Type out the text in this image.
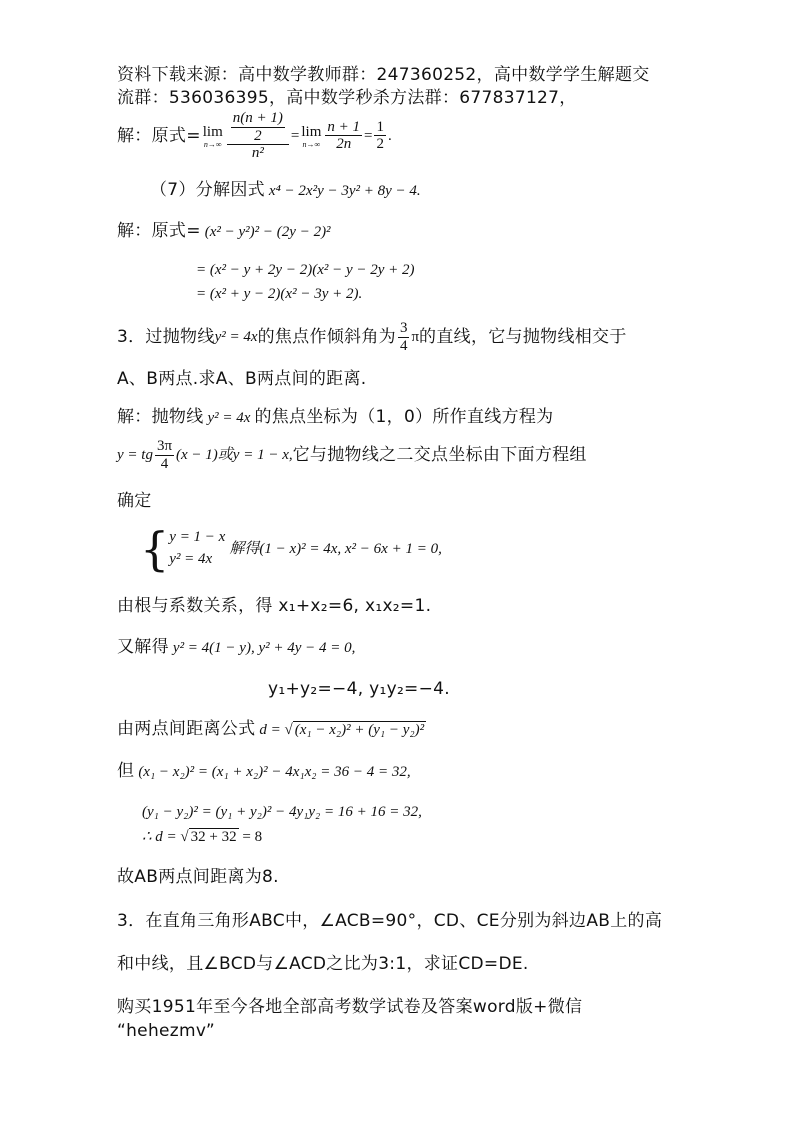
资料下载来源：高中数学教师群：247360252，高中数学学生解题交
流群：536036395，高中数学秒杀方法群：677837127，
解：原式= lim
$n\to\infty \frac{\frac{n(n + 1)}{2}}{\text{n²}} = \lim$
$n\to\infty \frac{n + 1}{2n} = \frac{1}{2}$ .
（7）分解因式 x⁴ − 2x²y − 3y² + 8y − 4.
解：原式= (x² − y²)² − (2y − 2)²
= (x² − y + 2y − 2)(x² − y − 2y + 2)
= (x² + y − 2)(x² − 3y + 2).
3．过抛物线 y² = 4x 的焦点作倾斜角为 $\frac{3}{4}$ π 的直线，它与抛物线相交于
A、B两点.求A、B两点间的距离.
解：抛物线 y² = 4x 的焦点坐标为（1，0）所作直线方程为
y = tg $\frac{3\pi}{4} (x - 1)$或y = 1 − x, 它与抛物线之二交点坐标由下面方程组
确定
{ y = 1 − x
y² = 4x
解得(1 − x)² = 4x, x² − 6x + 1 = 0,
由根与系数关系，得 x₁+x₂=6, x₁x₂=1.
又解得 y² = 4(1 − y), y² + 4y − 4 = 0,
y₁+y₂=−4, y₁y₂=−4.
由两点间距离公式 d = √ (x₁ − x₂)² + (y₁ − y₂)²
但 (x₁ − x₂)² = (x₁ + x₂)² − 4x₁x₂ = 36 − 4 = 32,
(y₁ − y₂)² = (y₁ + y₂)² − 4y₁y₂ = 16 + 16 = 32,
∴ d = √ 32 + 32 = 8
故AB两点间距离为8.
3．在直角三角形ABC中，∠ACB=90°，CD、CE分别为斜边AB上的高
和中线，且∠BCD与∠ACD之比为3:1，求证CD=DE.
购买1951年至今各地全部高考数学试卷及答案word版+微信
“hehezmv”
